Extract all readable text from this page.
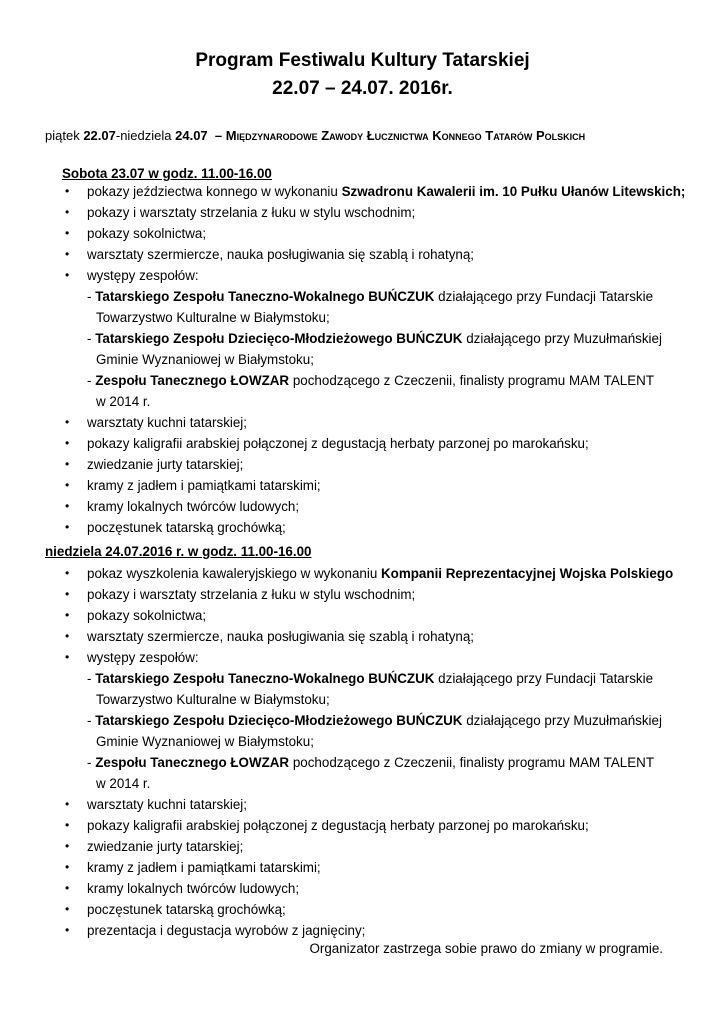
Program Festiwalu Kultury Tatarskiej
22.07 – 24.07. 2016r.
piątek 22.07-niedziela 24.07 – Międzynarodowe Zawody Łucznictwa Konnego Tatarów Polskich
Sobota 23.07 w godz. 11.00-16.00
• pokazy jeździectwa konnego w wykonaniu Szwadronu Kawalerii im. 10 Pułku Ułanów Litewskich;
• pokazy i warsztaty strzelania z łuku w stylu wschodnim;
• pokazy sokolnictwa;
• warsztaty szermiercze, nauka posługiwania się szablą i rohatyną;
• występy zespołów:
- Tatarskiego Zespołu Taneczno-Wokalnego BUŃCZUK działającego przy Fundacji Tatarskie
Towarzystwo Kulturalne w Białymstoku;
- Tatarskiego Zespołu Dziecięco-Młodzieżowego BUŃCZUK działającego przy Muzułmańskiej
Gminie Wyznaniowej w Białymstoku;
- Zespołu Tanecznego ŁOWZAR pochodzącego z Czeczenii, finalisty programu MAM TALENT
w 2014 r.
• warsztaty kuchni tatarskiej;
• pokazy kaligrafii arabskiej połączonej z degustacją herbaty parzonej po marokańsku;
• zwiedzanie jurty tatarskiej;
• kramy z jadłem i pamiątkami tatarskimi;
• kramy lokalnych twórców ludowych;
• poczęstunek tatarską grochówką;
niedziela 24.07.2016 r. w godz. 11.00-16.00
• pokaz wyszkolenia kawaleryjskiego w wykonaniu Kompanii Reprezentacyjnej Wojska Polskiego
• pokazy i warsztaty strzelania z łuku w stylu wschodnim;
• pokazy sokolnictwa;
• warsztaty szermiercze, nauka posługiwania się szablą i rohatyną;
• występy zespołów:
- Tatarskiego Zespołu Taneczno-Wokalnego BUŃCZUK działającego przy Fundacji Tatarskie
Towarzystwo Kulturalne w Białymstoku;
- Tatarskiego Zespołu Dziecięco-Młodzieżowego BUŃCZUK działającego przy Muzułmańskiej
Gminie Wyznaniowej w Białymstoku;
- Zespołu Tanecznego ŁOWZAR pochodzącego z Czeczenii, finalisty programu MAM TALENT
w 2014 r.
• warsztaty kuchni tatarskiej;
• pokazy kaligrafii arabskiej połączonej z degustacją herbaty parzonej po marokańsku;
• zwiedzanie jurty tatarskiej;
• kramy z jadłem i pamiątkami tatarskimi;
• kramy lokalnych twórców ludowych;
• poczęstunek tatarską grochówką;
• prezentacja i degustacja wyrobów z jagnięciny;
Organizator zastrzega sobie prawo do zmiany w programie.
